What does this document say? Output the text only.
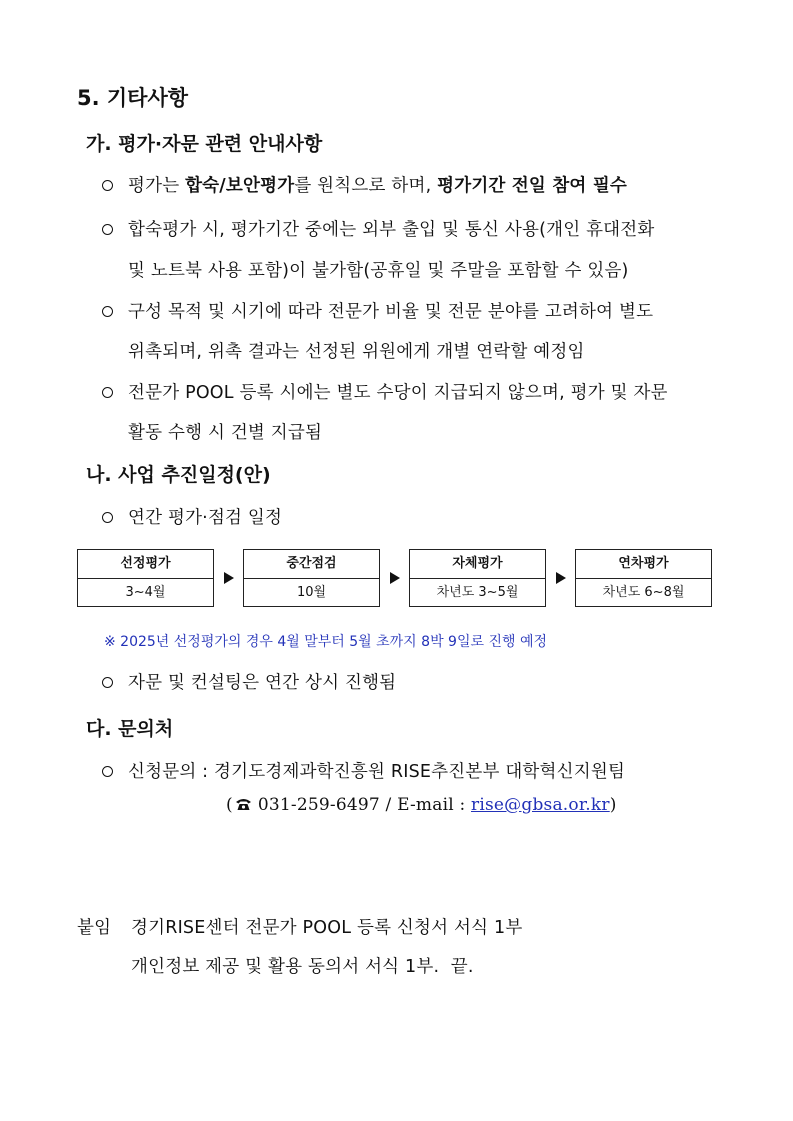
5. 기타사항
가. 평가·자문 관련 안내사항
평가는 합숙/보안평가를 원칙으로 하며, 평가기간 전일 참여 필수
합숙평가 시, 평가기간 중에는 외부 출입 및 통신 사용(개인 휴대전화
및 노트북 사용 포함)이 불가함(공휴일 및 주말을 포함할 수 있음)
구성 목적 및 시기에 따라 전문가 비율 및 전문 분야를 고려하여 별도
위촉되며, 위촉 결과는 선정된 위원에게 개별 연락할 예정임
전문가 POOL 등록 시에는 별도 수당이 지급되지 않으며, 평가 및 자문
활동 수행 시 건별 지급됨
나. 사업 추진일정(안)
연간 평가·점검 일정
선정평가
3~4월
중간점검
10월
자체평가
차년도 3~5월
연차평가
차년도 6~8월
※ 2025년 선정평가의 경우 4월 말부터 5월 초까지 8박 9일로 진행 예정
자문 및 컨설팅은 연간 상시 진행됨
다. 문의처
신청문의 : 경기도경제과학진흥원 RISE추진본부 대학혁신지원팀
( 031-259-6497 / E-mail : rise@gbsa.or.kr)
붙임 경기RISE센터 전문가 POOL 등록 신청서 서식 1부
개인정보 제공 및 활용 동의서 서식 1부. 끝.
